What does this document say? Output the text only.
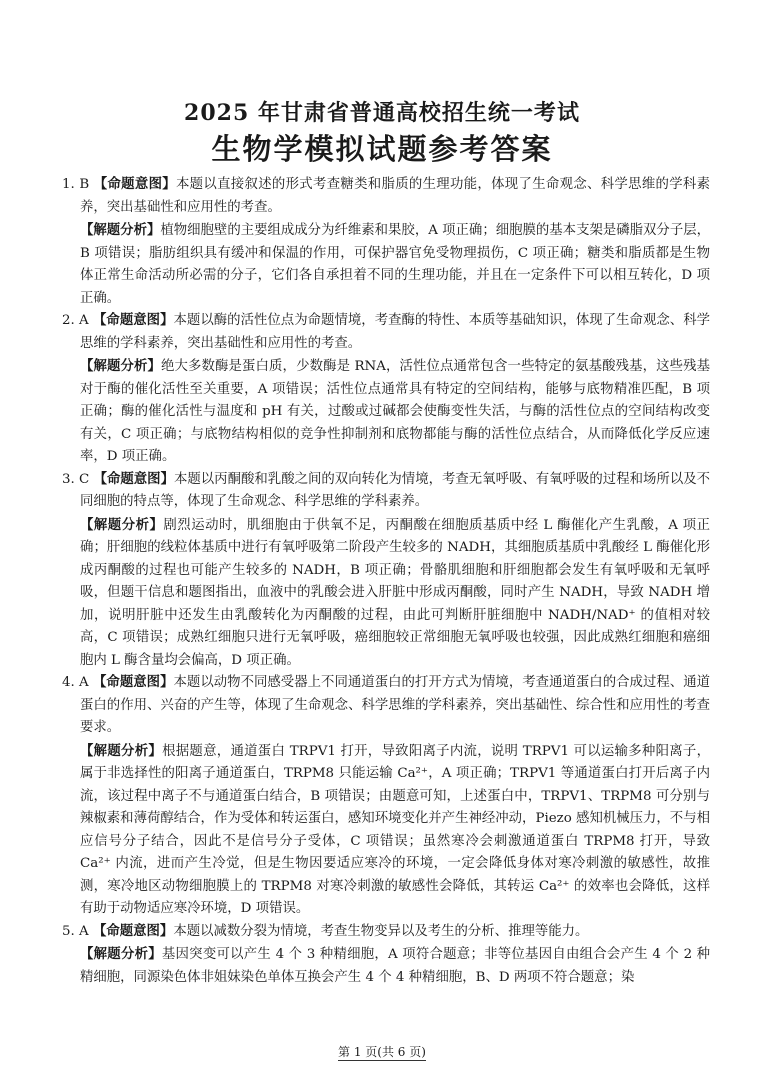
2025 年甘肃省普通高校招生统一考试
生物学模拟试题参考答案

1. B 【命题意图】本题以直接叙述的形式考查糖类和脂质的生理功能，体现了生命观念、科学思维的学科素养，突出基础性和应用性的考查。

【解题分析】植物细胞壁的主要组成成分为纤维素和果胶，A 项正确；细胞膜的基本支架是磷脂双分子层，B 项错误；脂肪组织具有缓冲和保温的作用，可保护器官免受物理损伤，C 项正确；糖类和脂质都是生物体正常生命活动所必需的分子，它们各自承担着不同的生理功能，并且在一定条件下可以相互转化，D 项正确。

2. A 【命题意图】本题以酶的活性位点为命题情境，考查酶的特性、本质等基础知识，体现了生命观念、科学思维的学科素养，突出基础性和应用性的考查。

【解题分析】绝大多数酶是蛋白质，少数酶是 RNA，活性位点通常包含一些特定的氨基酸残基，这些残基对于酶的催化活性至关重要，A 项错误；活性位点通常具有特定的空间结构，能够与底物精准匹配，B 项正确；酶的催化活性与温度和 pH 有关，过酸或过碱都会使酶变性失活，与酶的活性位点的空间结构改变有关，C 项正确；与底物结构相似的竞争性抑制剂和底物都能与酶的活性位点结合，从而降低化学反应速率，D 项正确。

3. C 【命题意图】本题以丙酮酸和乳酸之间的双向转化为情境，考查无氧呼吸、有氧呼吸的过程和场所以及不同细胞的特点等，体现了生命观念、科学思维的学科素养。

【解题分析】剧烈运动时，肌细胞由于供氧不足，丙酮酸在细胞质基质中经 L 酶催化产生乳酸，A 项正确；肝细胞的线粒体基质中进行有氧呼吸第二阶段产生较多的 NADH，其细胞质基质中乳酸经 L 酶催化形成丙酮酸的过程也可能产生较多的 NADH，B 项正确；骨骼肌细胞和肝细胞都会发生有氧呼吸和无氧呼吸，但题干信息和题图指出，血液中的乳酸会进入肝脏中形成丙酮酸，同时产生 NADH，导致 NADH 增加，说明肝脏中还发生由乳酸转化为丙酮酸的过程，由此可判断肝脏细胞中 NADH/NAD⁺ 的值相对较高，C 项错误；成熟红细胞只进行无氧呼吸，癌细胞较正常细胞无氧呼吸也较强，因此成熟红细胞和癌细胞内 L 酶含量均会偏高，D 项正确。

4. A 【命题意图】本题以动物不同感受器上不同通道蛋白的打开方式为情境，考查通道蛋白的合成过程、通道蛋白的作用、兴奋的产生等，体现了生命观念、科学思维的学科素养，突出基础性、综合性和应用性的考查要求。

【解题分析】根据题意，通道蛋白 TRPV1 打开，导致阳离子内流，说明 TRPV1 可以运输多种阳离子，属于非选择性的阳离子通道蛋白，TRPM8 只能运输 Ca²⁺，A 项正确；TRPV1 等通道蛋白打开后离子内流，该过程中离子不与通道蛋白结合，B 项错误；由题意可知，上述蛋白中，TRPV1、TRPM8 可分别与辣椒素和薄荷醇结合，作为受体和转运蛋白，感知环境变化并产生神经冲动，Piezo 感知机械压力，不与相应信号分子结合，因此不是信号分子受体，C 项错误；虽然寒冷会刺激通道蛋白 TRPM8 打开，导致 Ca²⁺ 内流，进而产生冷觉，但是生物因要适应寒冷的环境，一定会降低身体对寒冷刺激的敏感性，故推测，寒冷地区动物细胞膜上的 TRPM8 对寒冷刺激的敏感性会降低，其转运 Ca²⁺ 的效率也会降低，这样有助于动物适应寒冷环境，D 项错误。

5. A 【命题意图】本题以减数分裂为情境，考查生物变异以及考生的分析、推理等能力。

【解题分析】基因突变可以产生 4 个 3 种精细胞，A 项符合题意；非等位基因自由组合会产生 4 个 2 种精细胞，同源染色体非姐妹染色单体互换会产生 4 个 4 种精细胞，B、D 两项不符合题意；染

第 1 页(共 6 页)
